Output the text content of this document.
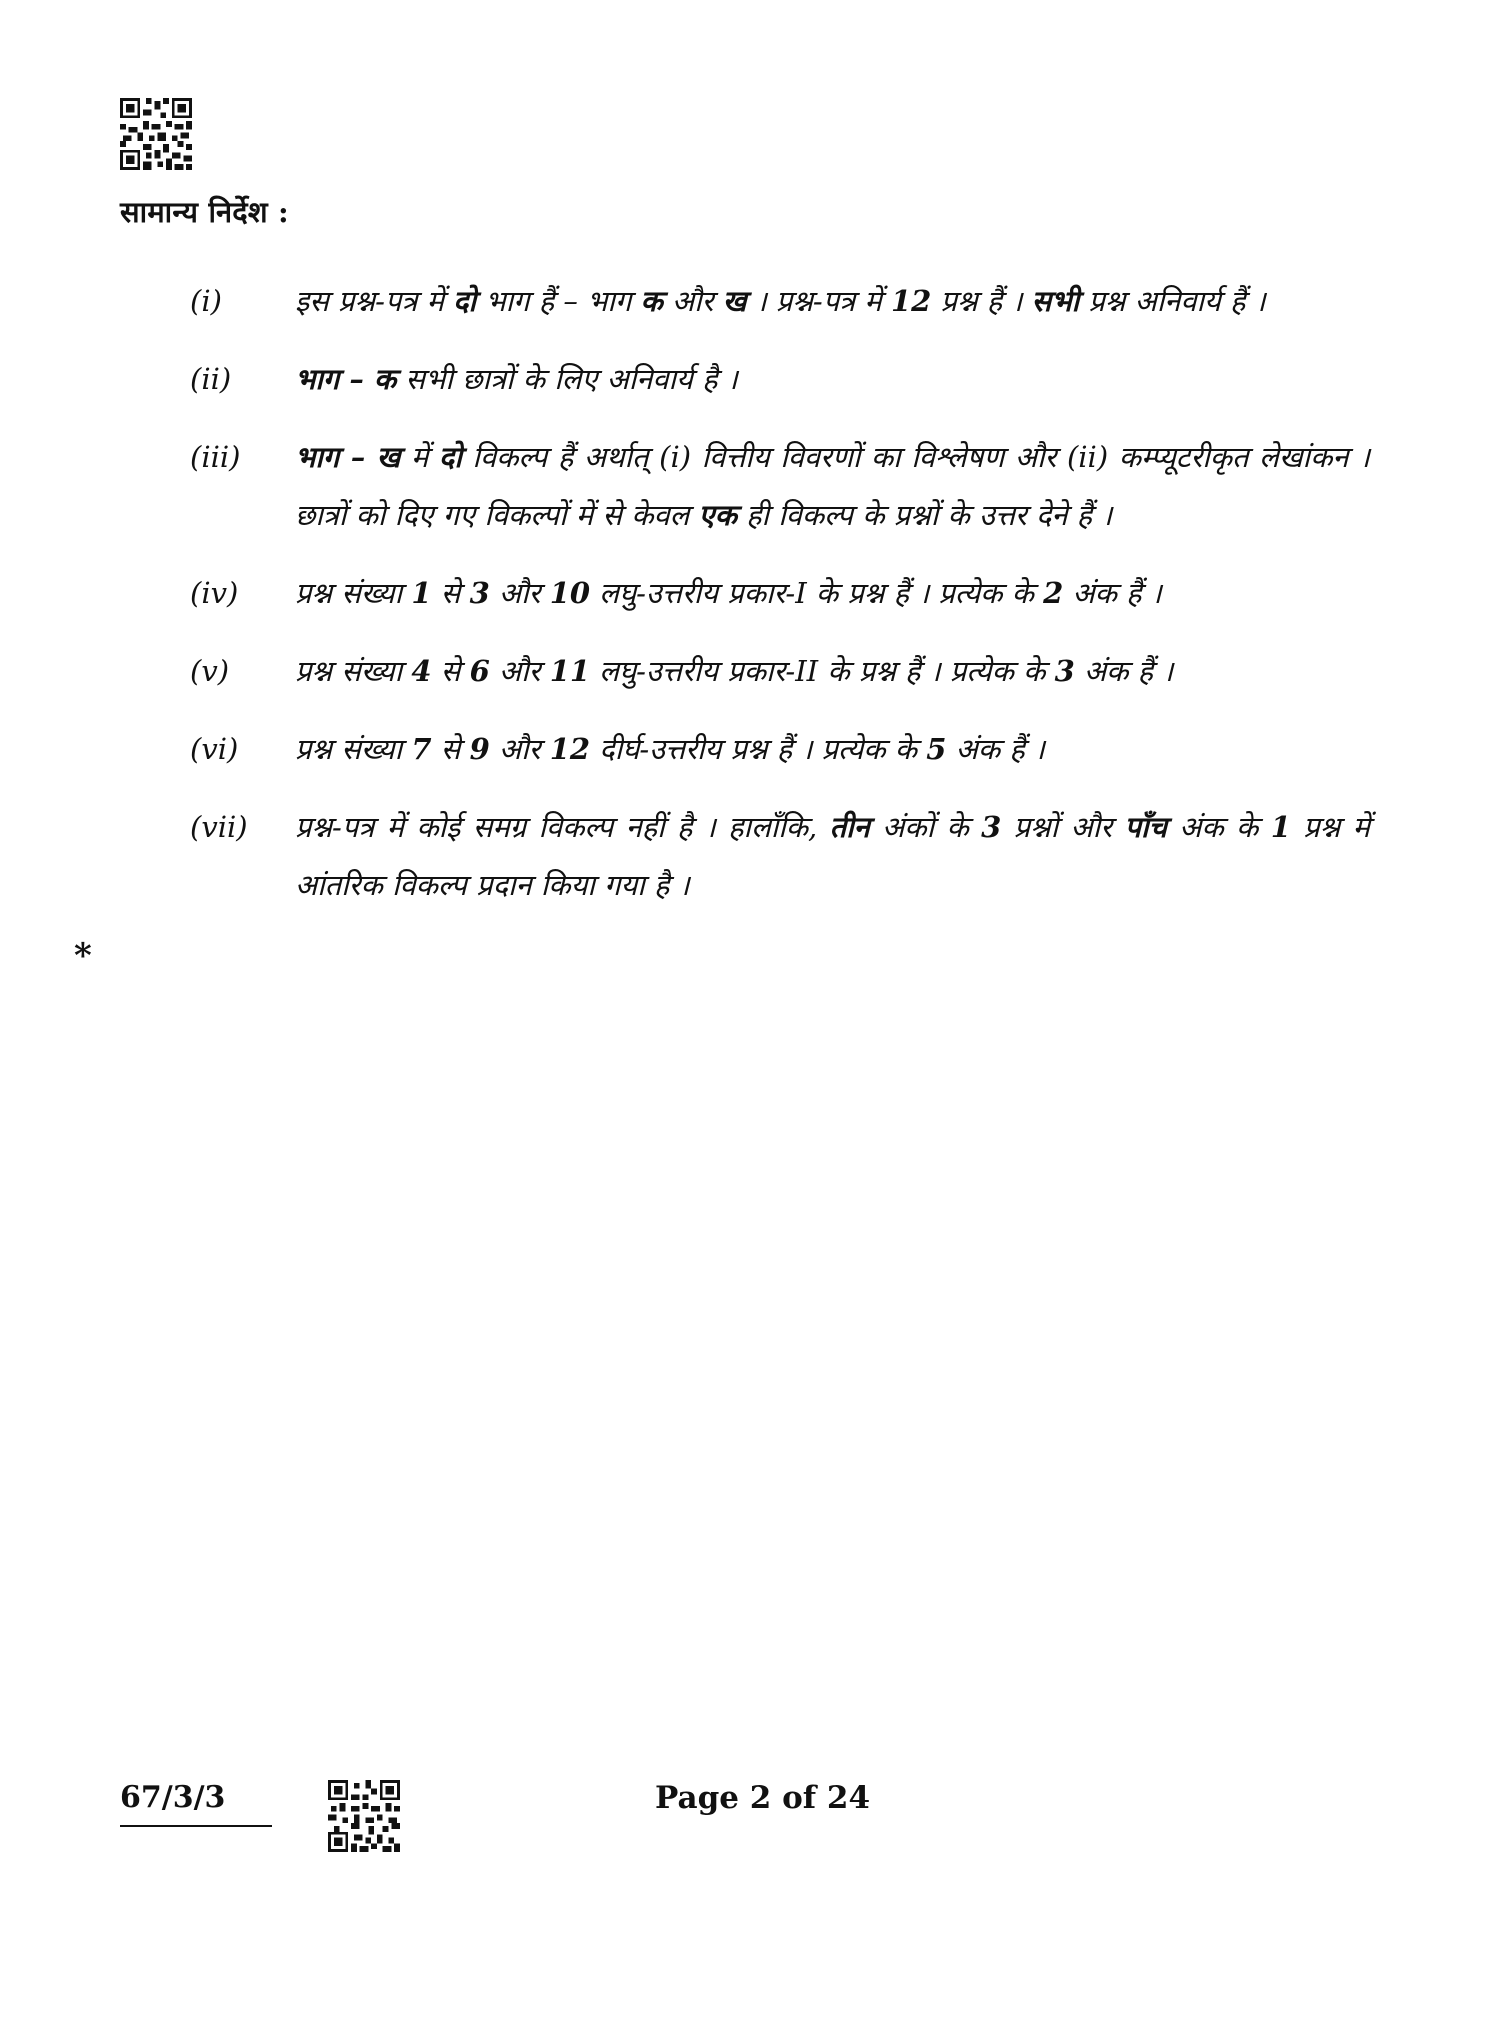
सामान्य निर्देश :
(i)	इस प्रश्न-पत्र में दो भाग हैं – भाग क और ख । प्रश्न-पत्र में 12 प्रश्न हैं । सभी प्रश्न अनिवार्य हैं ।
(ii) भाग – क सभी छात्रों के लिए अनिवार्य है ।
(iii) भाग – ख में दो विकल्प हैं अर्थात् (i) वित्तीय विवरणों का विश्लेषण और (ii) कम्प्यूटरीकृत लेखांकन । छात्रों को दिए गए विकल्पों में से केवल एक ही विकल्प के प्रश्नों के उत्तर देने हैं ।
(iv) प्रश्न संख्या 1 से 3 और 10 लघु-उत्तरीय प्रकार-I के प्रश्न हैं । प्रत्येक के 2 अंक हैं ।
(v) प्रश्न संख्या 4 से 6 और 11 लघु-उत्तरीय प्रकार-II के प्रश्न हैं । प्रत्येक के 3 अंक हैं ।
(vi) प्रश्न संख्या 7 से 9 और 12 दीर्घ-उत्तरीय प्रश्न हैं । प्रत्येक के 5 अंक हैं ।
(vii) प्रश्न-पत्र में कोई समग्र विकल्प नहीं है । हालाँकि, तीन अंकों के 3 प्रश्नों और पाँच अंक के 1 प्रश्न में आंतरिक विकल्प प्रदान किया गया है ।
*
67/3/3	Page 2 of 24
